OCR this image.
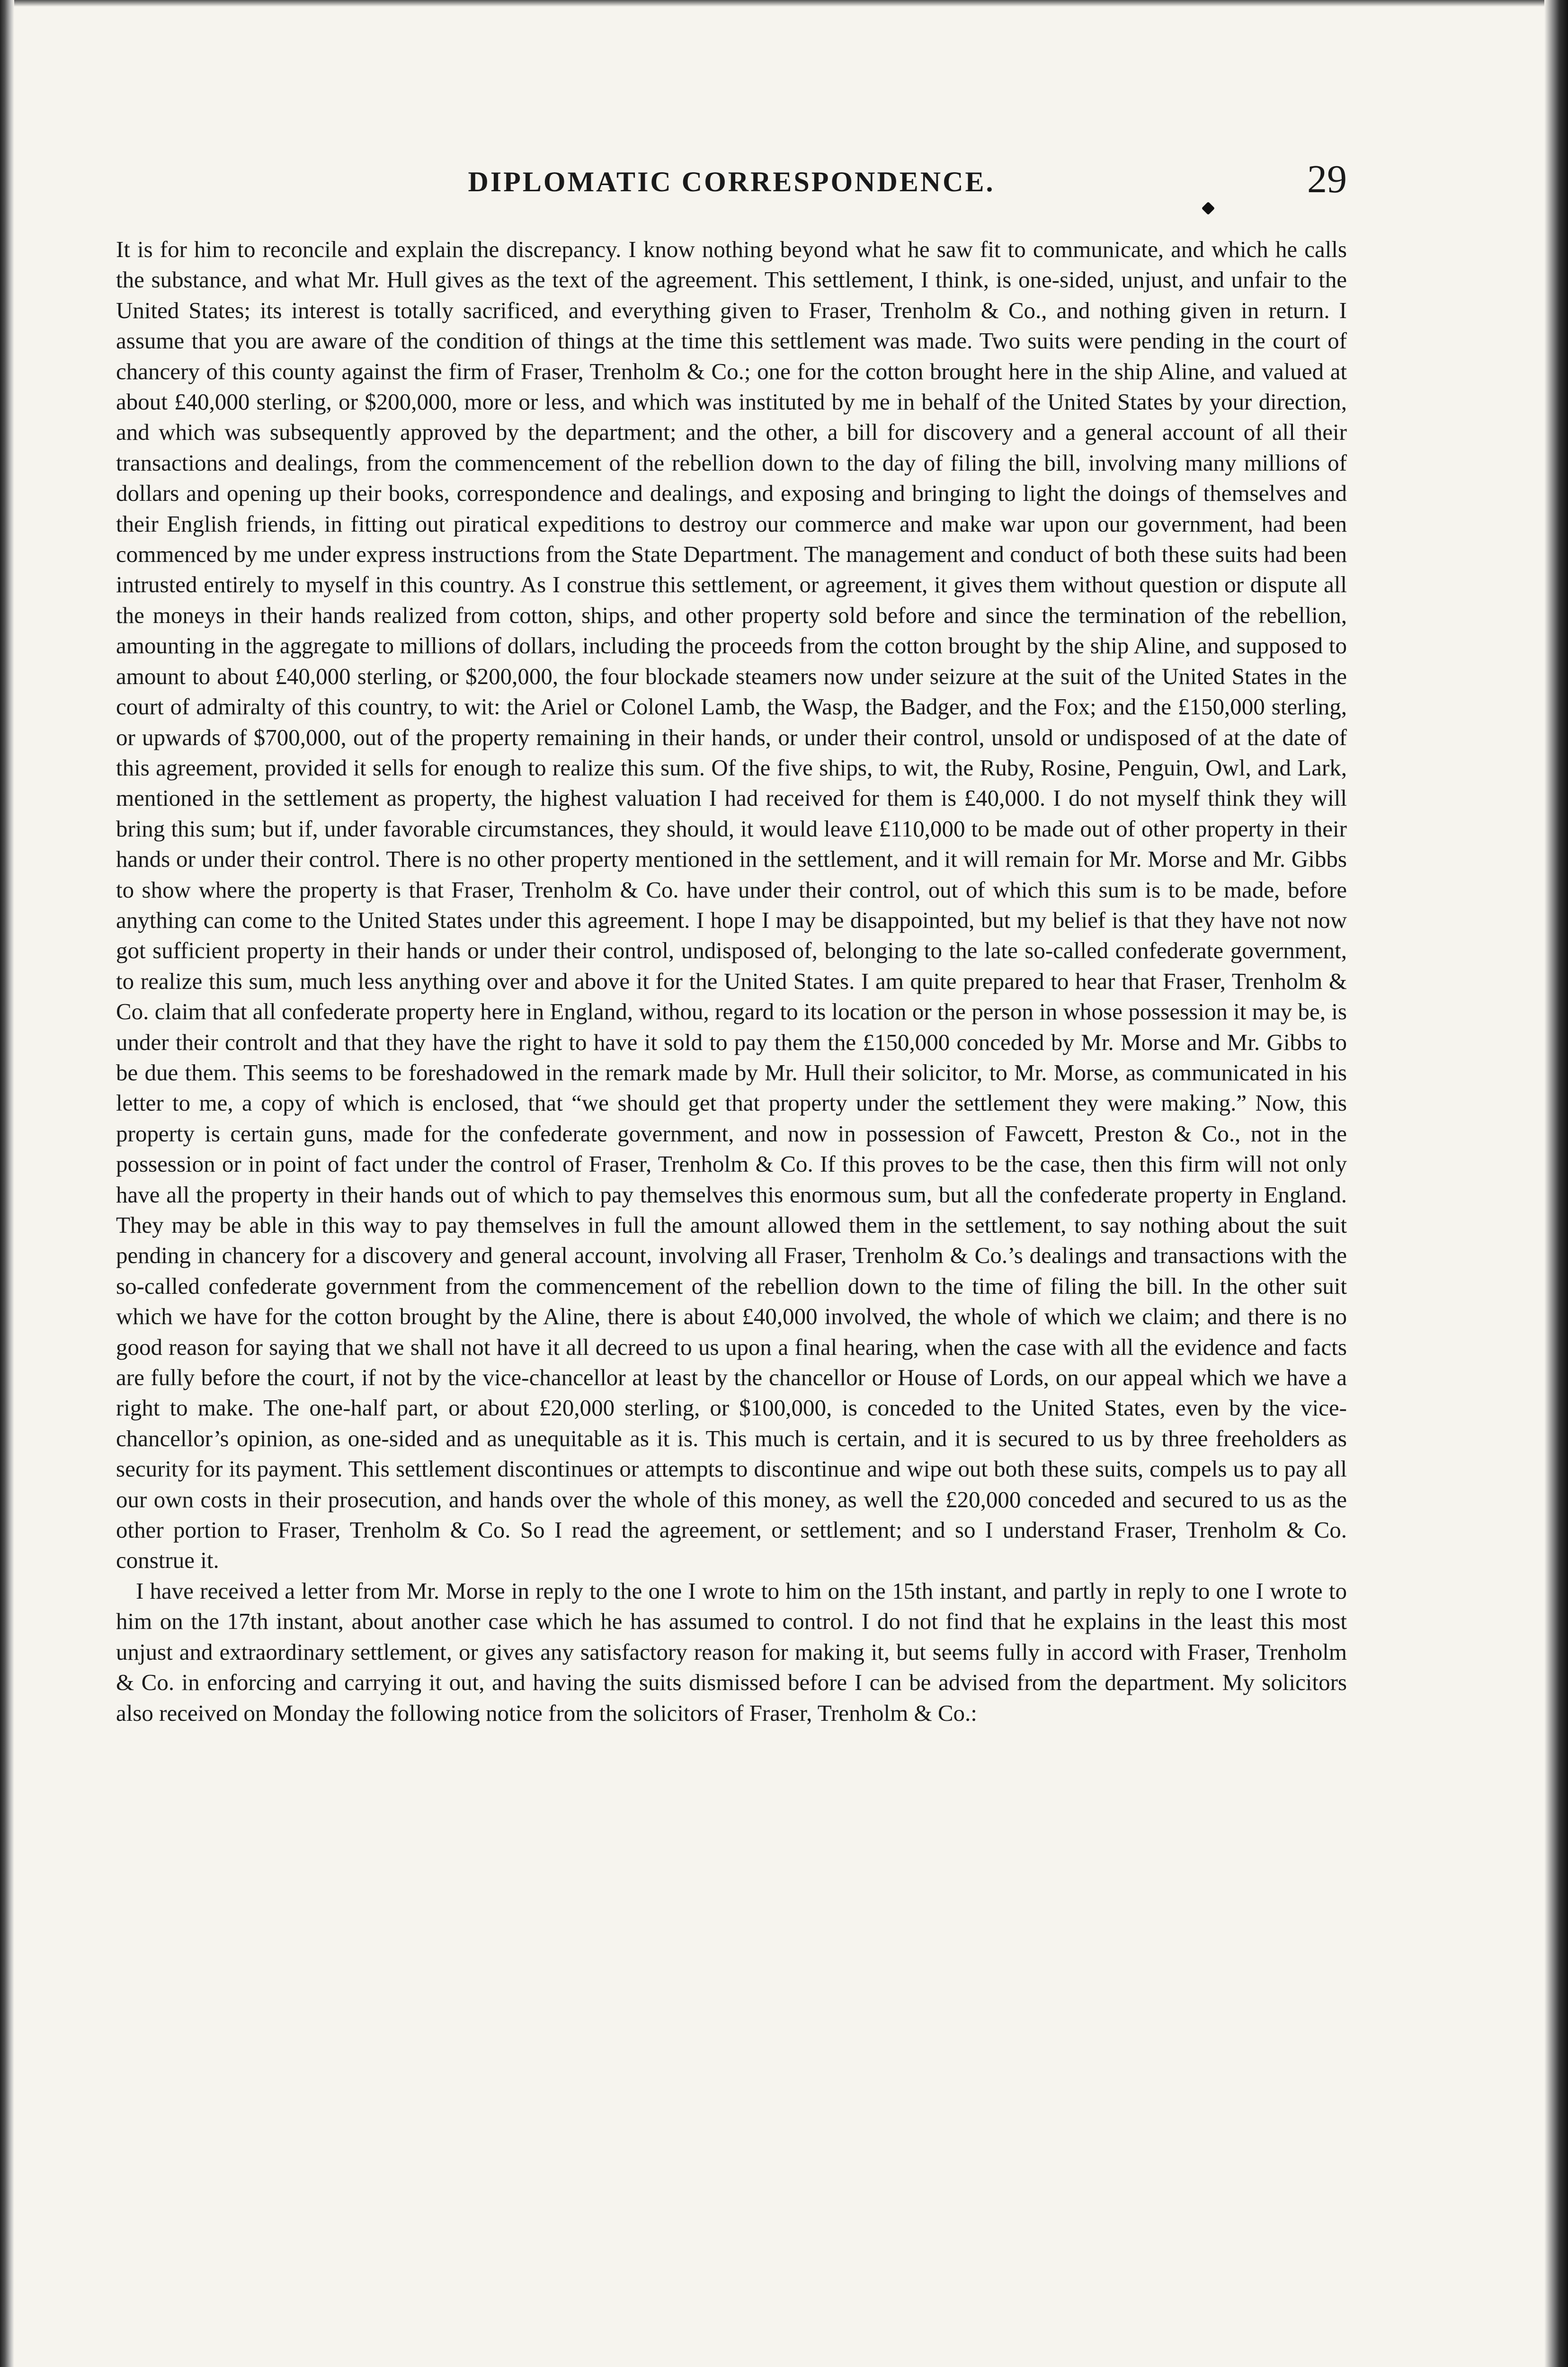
DIPLOMATIC CORRESPONDENCE.	29

It is for him to reconcile and explain the discrepancy. I know nothing beyond what he saw fit to communicate, and which he calls the substance, and what Mr. Hull gives as the text of the agreement. This settlement, I think, is one-sided, unjust, and unfair to the United States; its interest is totally sacrificed, and everything given to Fraser, Trenholm & Co., and nothing given in return. I assume that you are aware of the condition of things at the time this settlement was made. Two suits were pending in the court of chancery of this county against the firm of Fraser, Trenholm & Co.; one for the cotton brought here in the ship Aline, and valued at about £40,000 sterling, or $200,000, more or less, and which was instituted by me in behalf of the United States by your direction, and which was subsequently approved by the department; and the other, a bill for discovery and a general account of all their transactions and dealings, from the commencement of the rebellion down to the day of filing the bill, involving many millions of dollars and opening up their books, correspondence and dealings, and exposing and bringing to light the doings of themselves and their English friends, in fitting out piratical expeditions to destroy our commerce and make war upon our government, had been commenced by me under express instructions from the State Department. The management and conduct of both these suits had been intrusted entirely to myself in this country. As I construe this settlement, or agreement, it gives them without question or dispute all the moneys in their hands realized from cotton, ships, and other property sold before and since the termination of the rebellion, amounting in the aggregate to millions of dollars, including the proceeds from the cotton brought by the ship Aline, and supposed to amount to about £40,000 sterling, or $200,000, the four blockade steamers now under seizure at the suit of the United States in the court of admiralty of this country, to wit: the Ariel or Colonel Lamb, the Wasp, the Badger, and the Fox; and the £150,000 sterling, or upwards of $700,000, out of the property remaining in their hands, or under their control, unsold or undisposed of at the date of this agreement, provided it sells for enough to realize this sum. Of the five ships, to wit, the Ruby, Rosine, Penguin, Owl, and Lark, mentioned in the settlement as property, the highest valuation I had received for them is £40,000. I do not myself think they will bring this sum; but if, under favorable circumstances, they should, it would leave £110,000 to be made out of other property in their hands or under their control. There is no other property mentioned in the settlement, and it will remain for Mr. Morse and Mr. Gibbs to show where the property is that Fraser, Trenholm & Co. have under their control, out of which this sum is to be made, before anything can come to the United States under this agreement. I hope I may be disappointed, but my belief is that they have not now got sufficient property in their hands or under their control, undisposed of, belonging to the late so-called confederate government, to realize this sum, much less anything over and above it for the United States. I am quite prepared to hear that Fraser, Trenholm & Co. claim that all confederate property here in England, withou, regard to its location or the person in whose possession it may be, is under their controlt and that they have the right to have it sold to pay them the £150,000 conceded by Mr. Morse and Mr. Gibbs to be due them. This seems to be foreshadowed in the remark made by Mr. Hull their solicitor, to Mr. Morse, as communicated in his letter to me, a copy of which is enclosed, that “we should get that property under the settlement they were making.” Now, this property is certain guns, made for the confederate government, and now in possession of Fawcett, Preston & Co., not in the possession or in point of fact under the control of Fraser, Trenholm & Co. If this proves to be the case, then this firm will not only have all the property in their hands out of which to pay themselves this enormous sum, but all the confederate property in England. They may be able in this way to pay themselves in full the amount allowed them in the settlement, to say nothing about the suit pending in chancery for a discovery and general account, involving all Fraser, Trenholm & Co.’s dealings and transactions with the so-called confederate government from the commencement of the rebellion down to the time of filing the bill. In the other suit which we have for the cotton brought by the Aline, there is about £40,000 involved, the whole of which we claim; and there is no good reason for saying that we shall not have it all decreed to us upon a final hearing, when the case with all the evidence and facts are fully before the court, if not by the vice-chancellor at least by the chancellor or House of Lords, on our appeal which we have a right to make. The one-half part, or about £20,000 sterling, or $100,000, is conceded to the United States, even by the vice-chancellor’s opinion, as one-sided and as unequitable as it is. This much is certain, and it is secured to us by three freeholders as security for its payment. This settlement discontinues or attempts to discontinue and wipe out both these suits, compels us to pay all our own costs in their prosecution, and hands over the whole of this money, as well the £20,000 conceded and secured to us as the other portion to Fraser, Trenholm & Co. So I read the agreement, or settlement; and so I understand Fraser, Trenholm & Co. construe it.

I have received a letter from Mr. Morse in reply to the one I wrote to him on the 15th instant, and partly in reply to one I wrote to him on the 17th instant, about another case which he has assumed to control. I do not find that he explains in the least this most unjust and extraordinary settlement, or gives any satisfactory reason for making it, but seems fully in accord with Fraser, Trenholm & Co. in enforcing and carrying it out, and having the suits dismissed before I can be advised from the department. My solicitors also received on Monday the following notice from the solicitors of Fraser, Trenholm & Co.:
